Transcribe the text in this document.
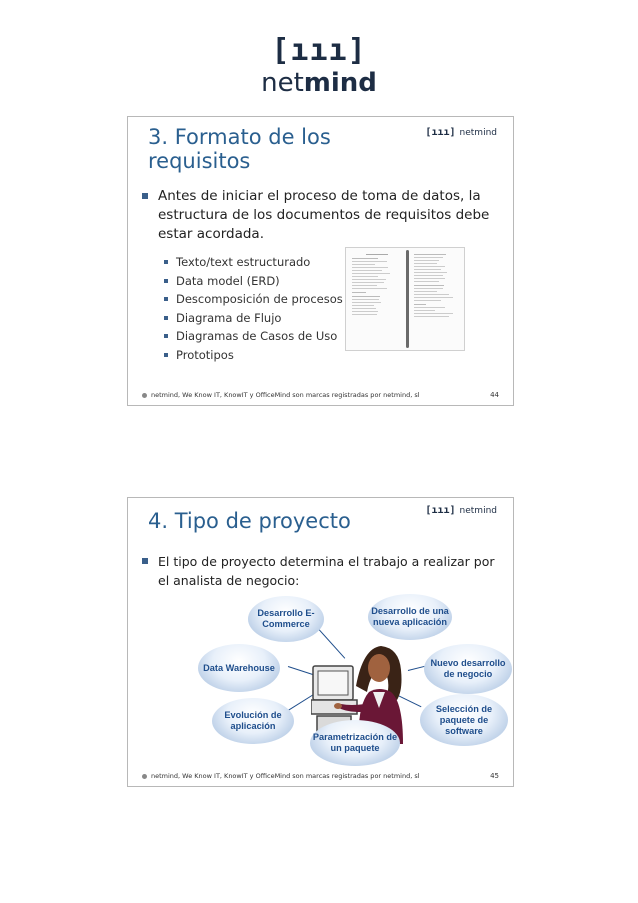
[ııı]
netmind
3. Formato de los requisitos
[ııı] netmind
Antes de iniciar el proceso de toma de datos, la estructura de los documentos de requisitos debe estar acordada.
Texto/text estructurado
Data model (ERD)
Descomposición de procesos
Diagrama de Flujo
Diagramas de Casos de Uso
Prototipos
netmind, We Know IT, KnowIT y OfficeMind son marcas registradas por netmind, sl	44
4. Tipo de proyecto	[ııı] netmind
El tipo de proyecto determina el trabajo a realizar por el analista de negocio:
Desarrollo E-Commerce
Desarrollo de una nueva aplicación
Data Warehouse	Nuevo desarrollo de negocio
Evolución de aplicación
Selección de paquete de software
Parametrización de un paquete
netmind, We Know IT, KnowIT y OfficeMind son marcas registradas por netmind, sl	45
